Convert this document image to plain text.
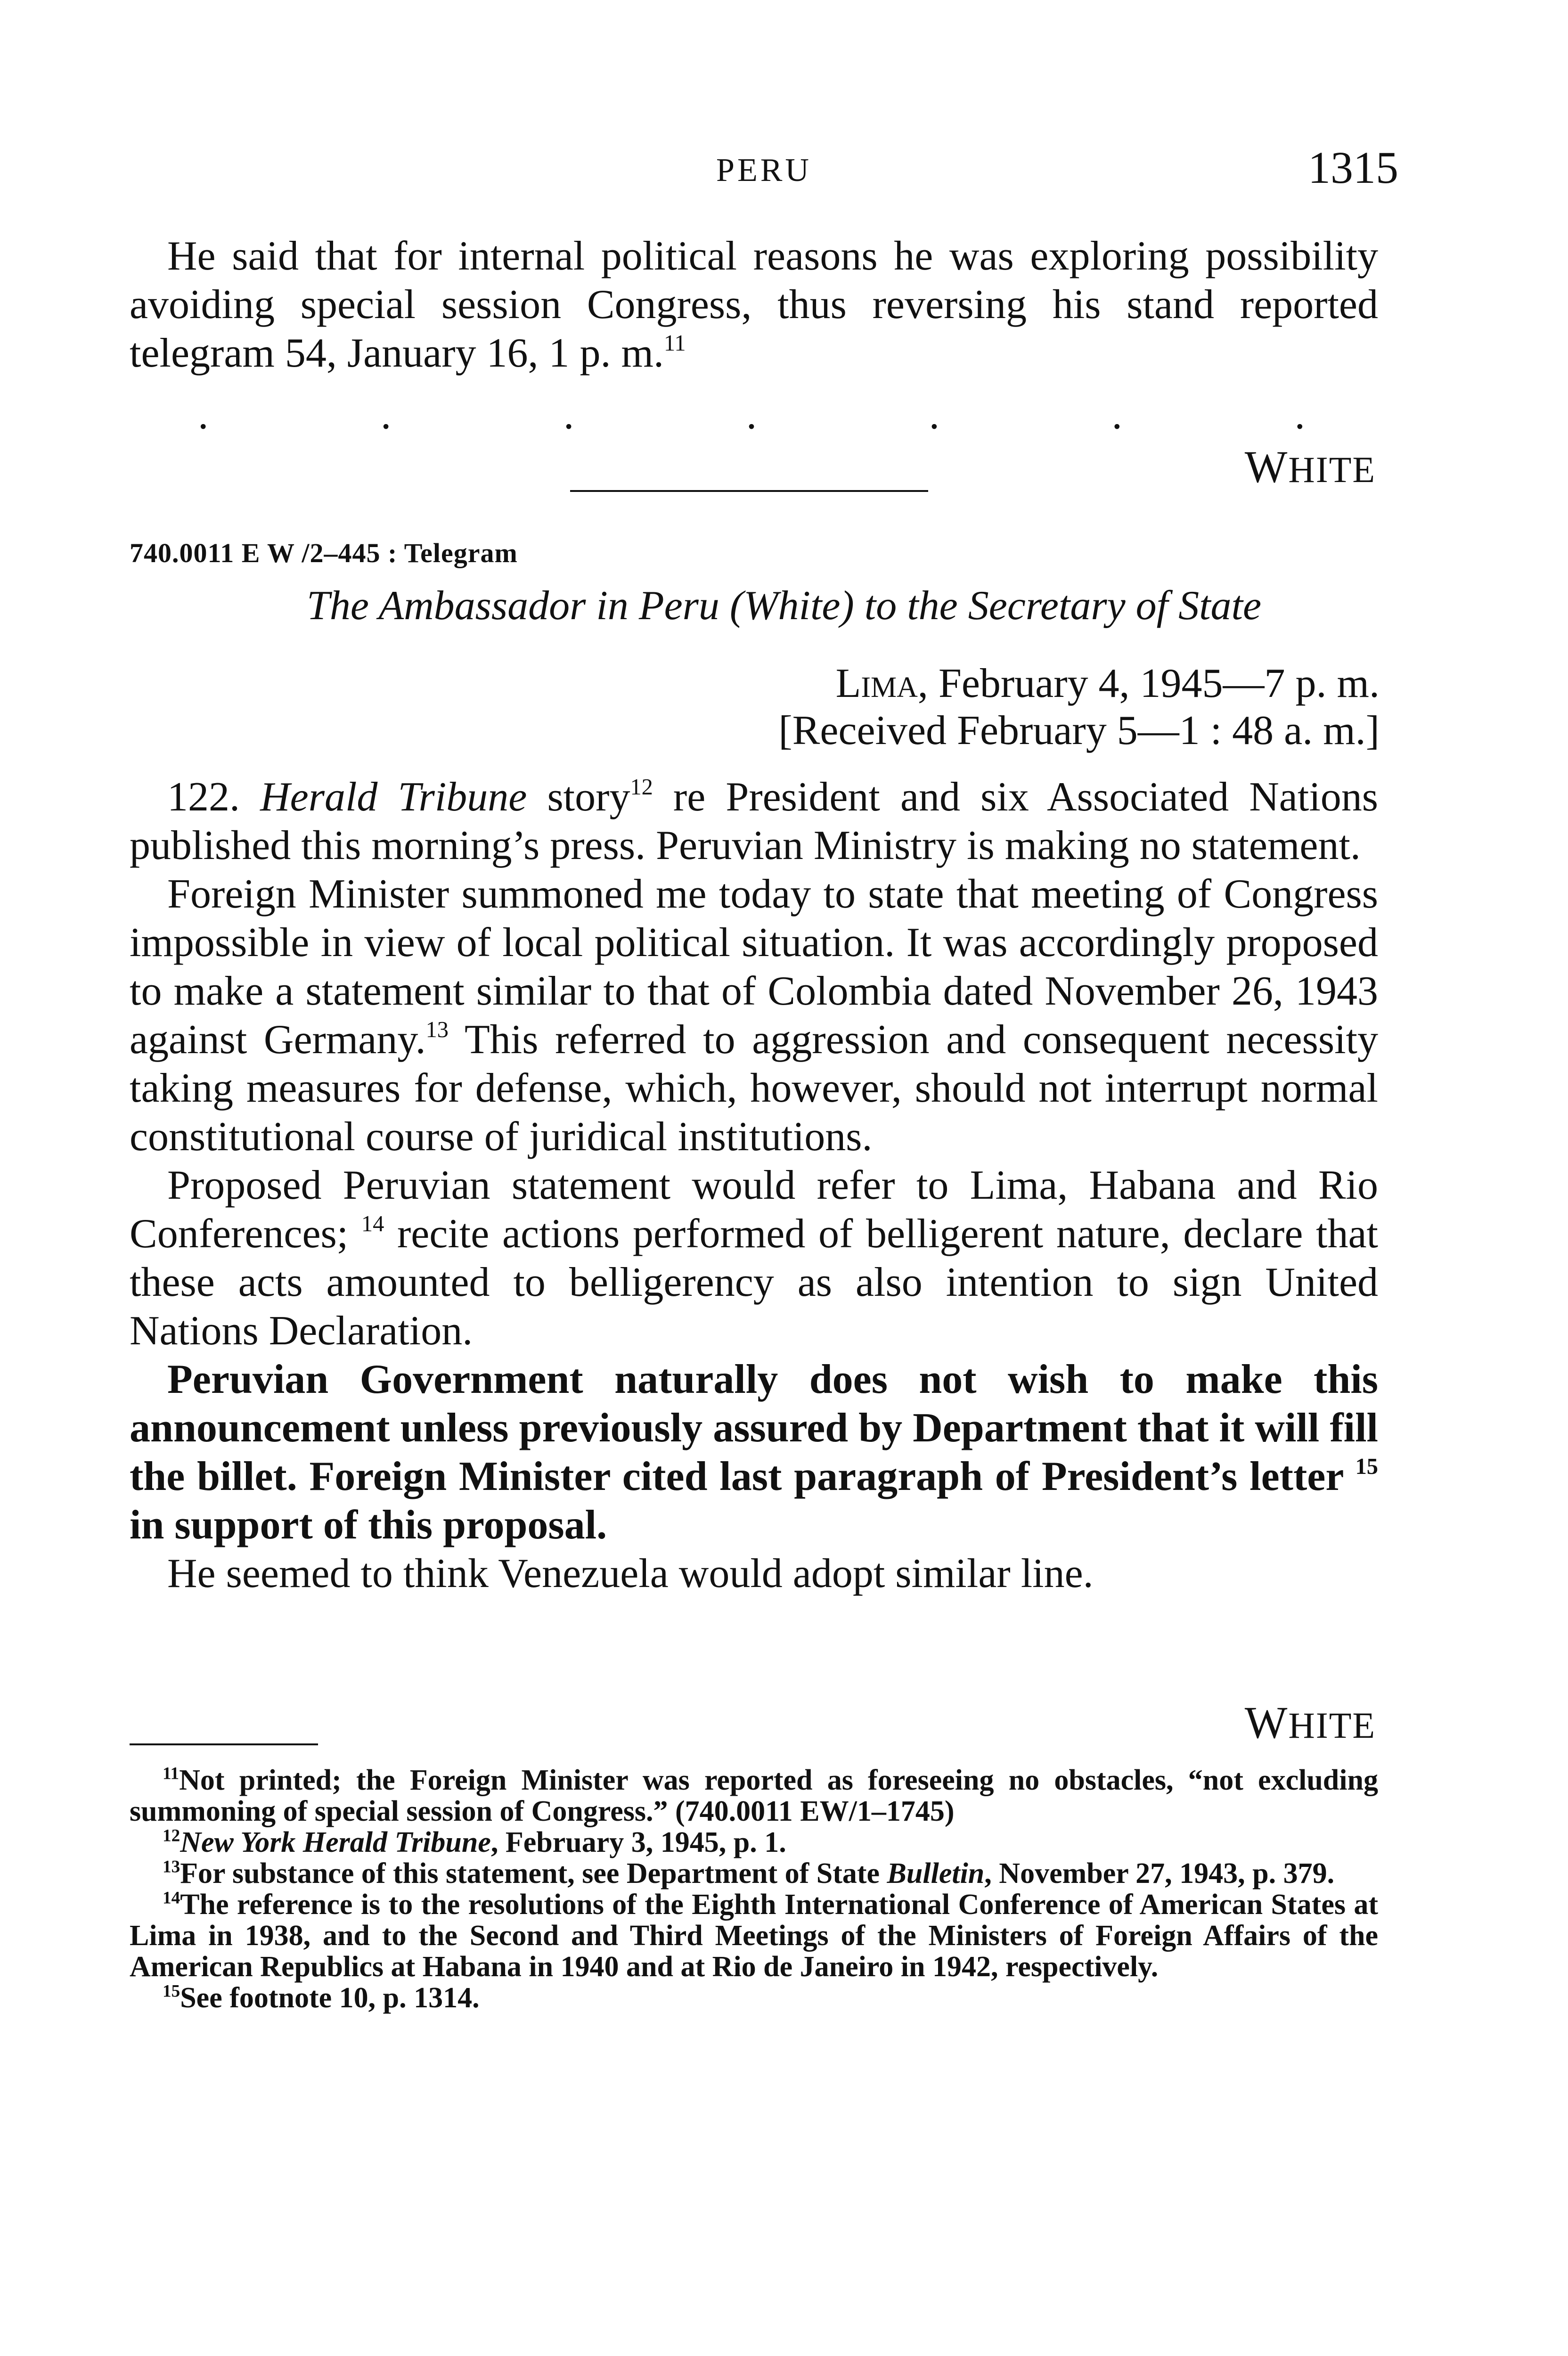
PERU	1315

He said that for internal political reasons he was exploring possibility avoiding special session Congress, thus reversing his stand reported telegram 54, January 16, 1 p. m.$^{11}$

.	.	.	.	.	.	.
WHITE
740.0011 E W /2–445 : Telegram
The Ambassador in Peru (White) to the Secretary of State
Lima, February 4, 1945—7 p. m.
[Received February 5—1 : 48 a. m.]

122. Herald Tribune story$^{12}$ re President and six Associated Nations published this morning’s press. Peruvian Ministry is making no statement.

Foreign Minister summoned me today to state that meeting of Congress impossible in view of local political situation. It was accordingly proposed to make a statement similar to that of Colombia dated November 26, 1943 against Germany.$^{13}$ This referred to aggression and consequent necessity taking measures for defense, which, however, should not interrupt normal constitutional course of juridical institutions.

Proposed Peruvian statement would refer to Lima, Habana and Rio Conferences; $^{14}$ recite actions performed of belligerent nature, declare that these acts amounted to belligerency as also intention to sign United Nations Declaration.

Peruvian Government naturally does not wish to make this announcement unless previously assured by Department that it will fill the billet. Foreign Minister cited last paragraph of President’s letter $^{15}$ in support of this proposal.

He seemed to think Venezuela would adopt similar line.

WHITE

$^{11}$Not printed; the Foreign Minister was reported as foreseeing no obstacles, “not excluding summoning of special session of Congress.” (740.0011 EW/1–1745)

$^{12}$New York Herald Tribune, February 3, 1945, p. 1.

$^{13}$For substance of this statement, see Department of State Bulletin, November 27, 1943, p. 379.

$^{14}$The reference is to the resolutions of the Eighth International Conference of American States at Lima in 1938, and to the Second and Third Meetings of the Ministers of Foreign Affairs of the American Republics at Habana in 1940 and at Rio de Janeiro in 1942, respectively.

$^{15}$See footnote 10, p. 1314.
